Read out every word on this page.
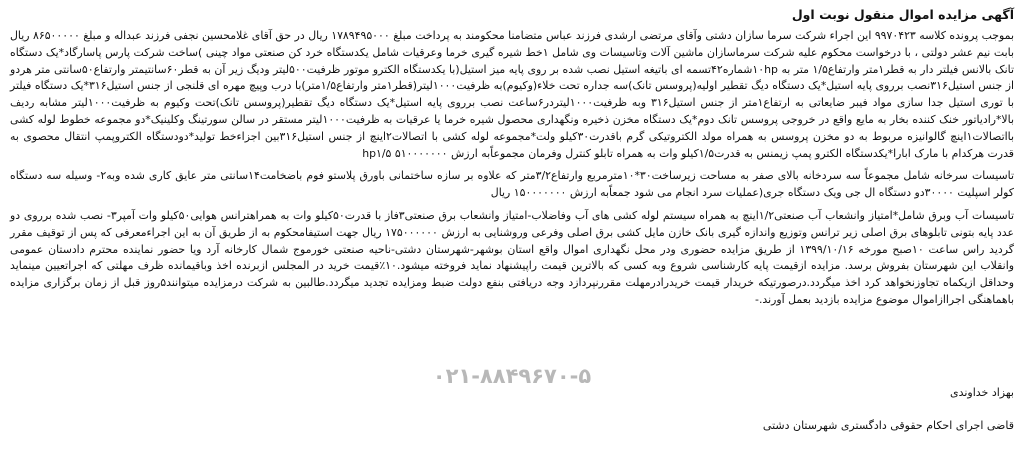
آگهی مزایده اموال منقول نوبت اول
بموجب پرونده کلاسه ۹۹۷۰۴۲۳ این اجراء شرکت سرما سازان دشتی وآقای مرتضی ارشدی فرزند عباس متضامنا محکومند به پرداخت مبلغ ۱۷۸۹۴۹۵۰۰۰ ریال در حق آقای غلامحسین نجفی فرزند عبداله و مبلغ ۸۶۵۰۰۰۰۰ ریال بابت نیم عشر دولتی ، با درخواست محکوم علیه شرکت سرماسازان ماشین آلات وتاسیسات وی شامل ۱خط شیره گیری خرما وعرقیات شامل یکدستگاه خرد کن صنعتی مواد چینی )ساخت شرکت پارس پاسارگاد*یک دستگاه تانک بالانس فیلتر دار به قطر۱متر وارتفاع۱/۵ متر به ۱۰hpشماره۴۲تسمه ای باتیغه استیل نصب شده بر روی پایه میز استیل(با یکدستگاه الکترو موتور ظرفیت۵۰۰لیتر ودیگ زیر آن به قطر۶۰سانتیمتر وارتفاع۵۰سانتی متر هردو از جنس استیل۳۱۶نصب برروی پایه استیل*یک دستگاه دیگ تقطیر اولیه(پروسس تانک)سه جداره تحت خلاء(وکیوم)به ظرفیت۱۰۰۰لیتر(قطر۱متر وارتفاع۱/۵متر)با درب وپیچ مهره ای قلنجی از جنس استیل۳۱۶*یک دستگاه فیلتر با توری استیل جدا سازی مواد فیبر ضایعاتی به ارتفاع۱متر از جنس استیل۳۱۶ وبه ظرفیت۱۰۰۰لیتردر۶ساعت نصب برروی پایه استیل*یک دستگاه دیگ تقطیر(پروسس تانک)تحت وکیوم به ظرفیت۱۰۰۰لیتر مشابه ردیف بالا*رادیاتور خنک کننده بخار به مایع واقع در خروجی پروسس تانک دوم*یک دستگاه مخزن ذخیره ونگهداری محصول شیره خرما یا عرقیات به ظرفیت۱۰۰۰لیتر مستقر در سالن سورتینگ وکلینیک*دو مجموعه خطوط لوله کشی بااتصالات۱اینچ گالوانیزه مربوط به دو مخزن پروسس به همراه مولد الکتروتیکی گرم باقدرت۳۰کیلو ولت*مجموعه لوله کشی با اتصالات۲اینچ از جنس استیل۳۱۶بین اجزاءخط تولید*دودستگاه الکتروپمپ انتقال محصوی به قدرت هرکدام با مارک ابارا*یکدستگاه الکترو پمپ زیمنس به قدرت۱/۵کیلو وات به همراه تابلو کنترل وفرمان مجموعاًبه ارزش ۵۱۰۰۰۰۰۰۰ hp۱/۵
تاسیسات سرخانه شامل مجموعاً سه سردخانه بالای صفر به مساحت زیرساخت۳۰*۱۰مترمربع وارتفاع۳/۲متر که علاوه بر سازه ساختمانی باورق پلاستو فوم باضخامت۱۴سانتی متر عایق کاری شده وبه۲- وسیله سه دستگاه کولر اسپلیت ۳۰۰۰۰دو دستگاه ال جی ویک دستگاه جری(عملیات سرد انجام می شود جمعاًبه ارزش ۱۵۰۰۰۰۰۰۰ ریال
تاسیسات آب وبرق شامل*امتیاز وانشعاب آب صنعتی۱/۲اینچ به همراه سیستم لوله کشی های آب وفاضلاب-امتیاز وانشعاب برق صنعتی۳فاز با قدرت۵۰کیلو وات به همراهترانس هوایی۵۰کیلو وات آمپر۳- نصب شده برروی دو عدد پایه بتونی تابلوهای برق اصلی زیر ترانس وتوزیع واندازه گیری بانک خازن مایل کشی برق اصلی وفرعی وروشنایی به ارزش ۱۷۵۰۰۰۰۰۰ ریال جهت استیفامحکوم به از طریق آن به این اجراءمعرفی که پس از توقیف مقرر گردید راس ساعت ۱۰صبح مورخه ۱۳۹۹/۱۰/۱۶ از طریق مزایده حضوری ودر محل نگهداری اموال واقع استان بوشهر-شهرستان دشتی-ناحیه صنعتی خورموج شمال کارخانه آرد ویا حضور نماینده محترم دادستان عمومی وانقلاب این شهرستان بفروش برسد. مزایده ازقیمت پایه کارشناسی شروع وبه کسی که بالاترین قیمت راپیشنهاد نماید فروخته میشود.۱۰٪قیمت خرید در المجلس ازبرنده اخذ وباقیمانده ظرف مهلتی که اجراتعیین مینماید وحداقل ازیکماه تجاوزنخواهد کرد اخذ میگردد.درصورتیکه خریدار قیمت خریدرادرمهلت مقررنپردازد وجه دریافتی بنفع دولت ضبط ومزایده تجدید میگردد.طالبین به شرکت درمزایده میتوانند۵روز قبل از زمان برگزاری مزایده باهماهنگی اجراازاموال موضوع مزایده بازدید بعمل آورند.-
۰۲۱-۸۸۴۹۶۷۰-۵
بهزاد خداوندی
قاضی اجرای احکام حقوقی دادگستری شهرستان دشتی
